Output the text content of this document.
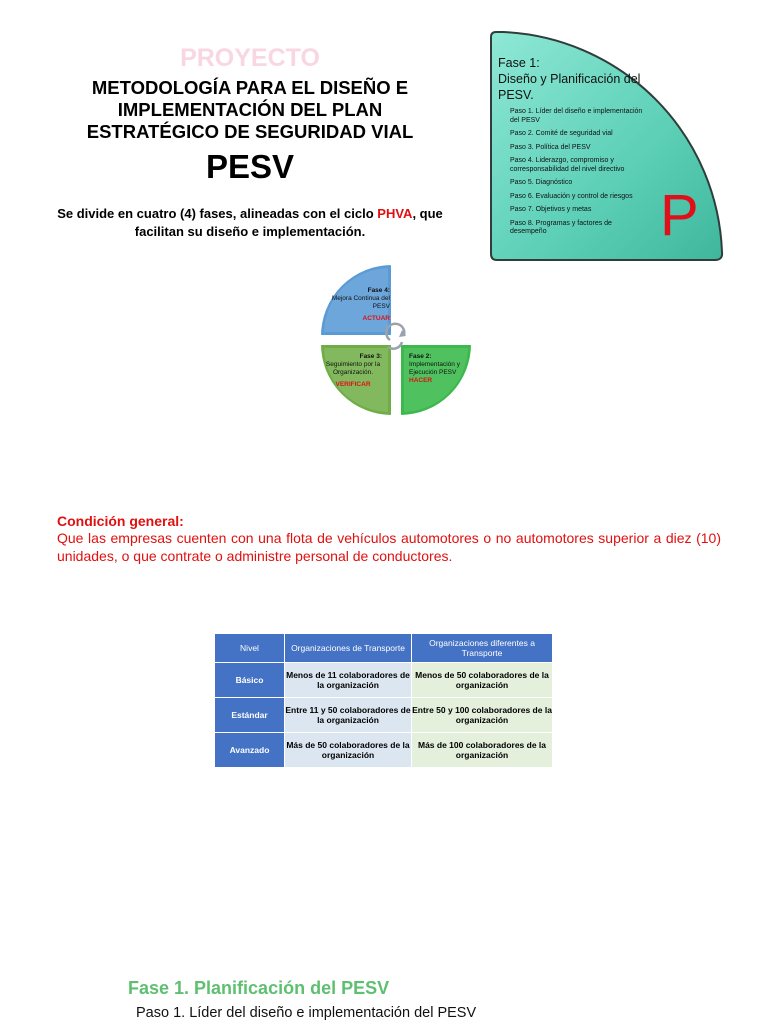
PROYECTO
METODOLOGÍA PARA EL DISEÑO E
IMPLEMENTACIÓN DEL PLAN
ESTRATÉGICO DE SEGURIDAD VIAL
PESV
Se divide en cuatro (4) fases, alineadas con el ciclo PHVA, que facilitan su diseño e implementación.
Fase 1:
Diseño y Planificación del PESV.
Paso 1. Líder del diseño e implementación del PESV
Paso 2. Comité de seguridad vial
Paso 3. Política del PESV
Paso 4. Liderazgo, compromiso y corresponsabilidad del nivel directivo
Paso 5. Diagnóstico
Paso 6. Evaluación y control de riesgos
Paso 7. Objetivos y metas
Paso 8. Programas y factores de desempeño	P
Fase 4:
Mejora Continua del PESV
ACTUAR
Fase 3:
Seguimiento por la Organización.
VERIFICAR
Fase 2:
Implementación y Ejecución PESV
HACER
Condición general:
Que las empresas cuenten con una flota de vehículos automotores o no automotores superior a diez (10) unidades, o que contrate o administre personal de conductores.
Nivel	Organizaciones de Transporte	Organizaciones diferentes a Transporte
Básico	Menos de 11 colaboradores de la organización	Menos de 50 colaboradores de la organización
Estándar	Entre 11 y 50 colaboradores de la organización	Entre 50 y 100 colaboradores de la organización
Avanzado	Más de 50 colaboradores de la organización	Más de 100 colaboradores de la organización
Fase 1. Planificación del PESV
Paso 1. Líder del diseño e implementación del PESV
